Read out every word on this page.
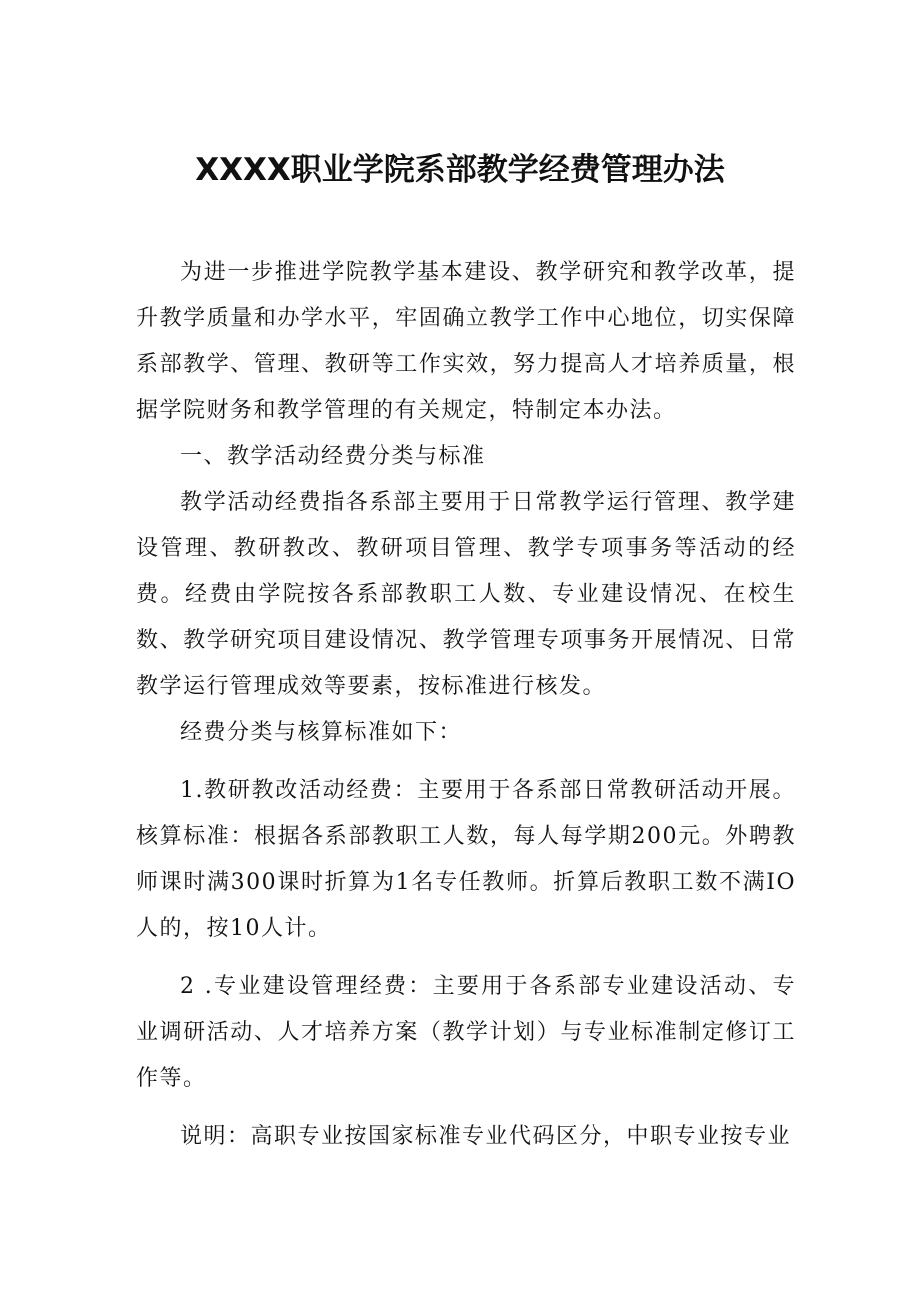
XXXX职业学院系部教学经费管理办法

为进一步推进学院教学基本建设、教学研究和教学改革，提升教学质量和办学水平，牢固确立教学工作中心地位，切实保障系部教学、管理、教研等工作实效，努力提高人才培养质量，根据学院财务和教学管理的有关规定，特制定本办法。

一、教学活动经费分类与标准

教学活动经费指各系部主要用于日常教学运行管理、教学建设管理、教研教改、教研项目管理、教学专项事务等活动的经费。经费由学院按各系部教职工人数、专业建设情况、在校生数、教学研究项目建设情况、教学管理专项事务开展情况、日常教学运行管理成效等要素，按标准进行核发。

经费分类与核算标准如下：

1.教研教改活动经费：主要用于各系部日常教研活动开展。核算标准：根据各系部教职工人数，每人每学期200元。外聘教师课时满300课时折算为1名专任教师。折算后教职工数不满IO人的，按10人计。

2 .专业建设管理经费：主要用于各系部专业建设活动、专业调研活动、人才培养方案（教学计划）与专业标准制定修订工作等。

说明：高职专业按国家标准专业代码区分，中职专业按专业
